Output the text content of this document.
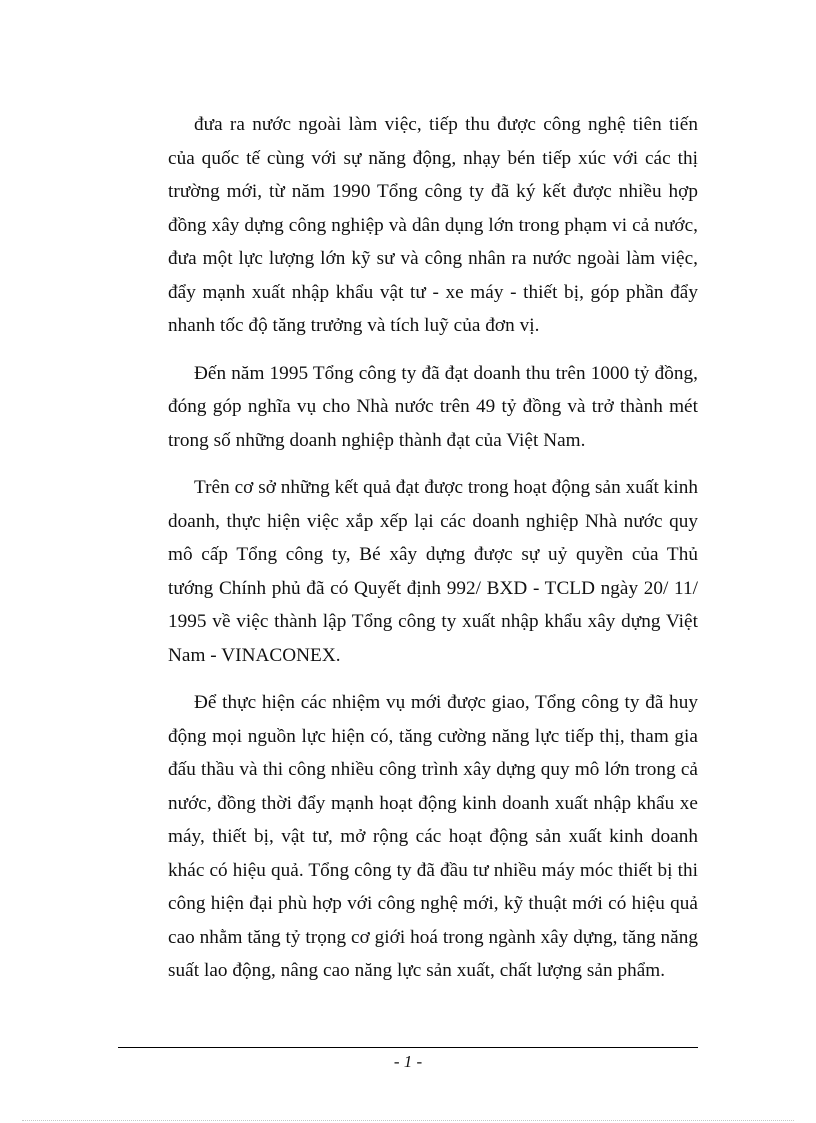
đưa ra nước ngoài làm việc, tiếp thu được công nghệ tiên tiến của quốc tế cùng với sự năng động, nhạy bén tiếp xúc với các thị trường mới, từ năm 1990 Tổng công ty đã ký kết được nhiều hợp đồng xây dựng công nghiệp và dân dụng lớn trong phạm vi cả nước, đưa một lực lượng lớn kỹ sư và công nhân ra nước ngoài làm việc, đẩy mạnh xuất nhập khẩu vật tư - xe máy - thiết bị, góp phần đẩy nhanh tốc độ tăng trưởng và tích luỹ của đơn vị.

Đến năm 1995 Tổng công ty đã đạt doanh thu trên 1000 tỷ đồng, đóng góp nghĩa vụ cho Nhà nước trên 49 tỷ đồng và trở thành mét trong số những doanh nghiệp thành đạt của Việt Nam.

Trên cơ sở những kết quả đạt được trong hoạt động sản xuất kinh doanh, thực hiện việc xắp xếp lại các doanh nghiệp Nhà nước quy mô cấp Tổng công ty, Bé xây dựng được sự uỷ quyền của Thủ tướng Chính phủ đã có Quyết định 992/ BXD - TCLD ngày 20/ 11/ 1995 về việc thành lập Tổng công ty xuất nhập khẩu xây dựng Việt Nam - VINACONEX.

Để thực hiện các nhiệm vụ mới được giao, Tổng công ty đã huy động mọi nguồn lực hiện có, tăng cường năng lực tiếp thị, tham gia đấu thầu và thi công nhiều công trình xây dựng quy mô lớn trong cả nước, đồng thời đẩy mạnh hoạt động kinh doanh xuất nhập khẩu xe máy, thiết bị, vật tư, mở rộng các hoạt động sản xuất kinh doanh khác có hiệu quả. Tổng công ty đã đầu tư nhiều máy móc thiết bị thi công hiện đại phù hợp với công nghệ mới, kỹ thuật mới có hiệu quả cao nhằm tăng tỷ trọng cơ giới hoá trong ngành xây dựng, tăng năng suất lao động, nâng cao năng lực sản xuất, chất lượng sản phẩm.

- 1 -
